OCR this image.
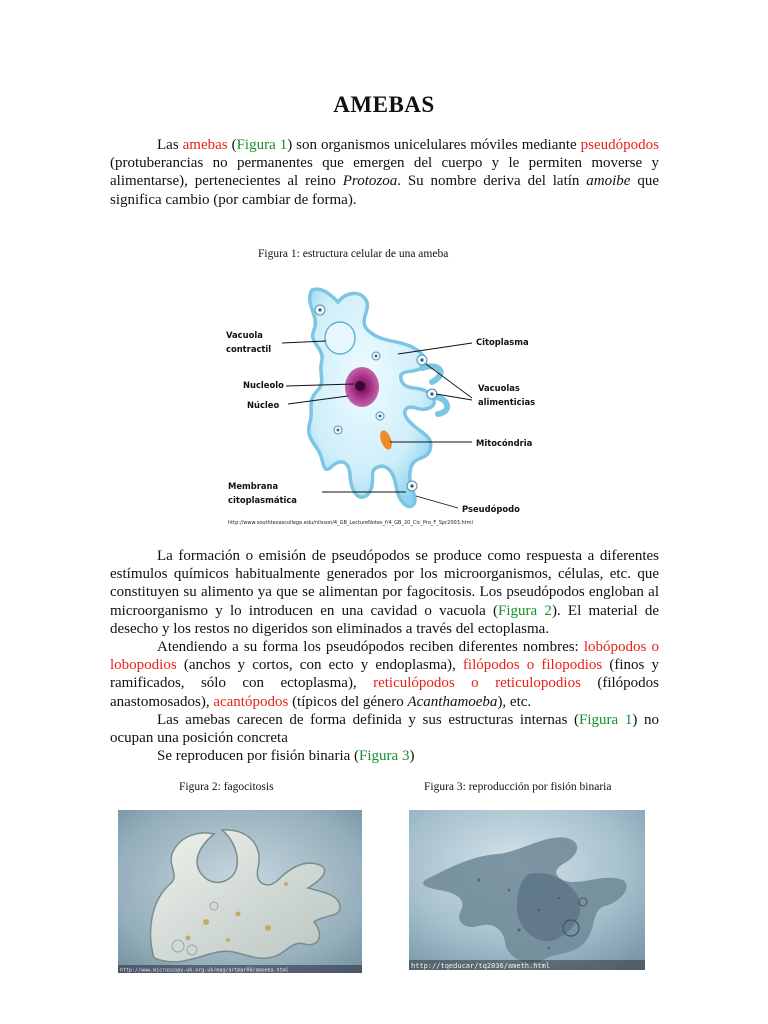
AMEBAS

Las amebas (Figura 1) son organismos unicelulares móviles mediante pseudópodos (protuberancias no permanentes que emergen del cuerpo y le permiten moverse y alimentarse), pertenecientes al reino Protozoa. Su nombre deriva del latín amoibe que significa cambio (por cambiar de forma).

Figura 1: estructura celular de una ameba

Vacuola
contractil
Citoplasma
Nucleolo
Núcleo
Vacuolas
alimenticias
Mitocóndria
Membrana
citoplasmática
Pseudópodo
http://www.southtexascollege.edu/nilsson/4_GB_LectureNotes_f/4_GB_20_Cic_Pro_F_Spr2003.html

La formación o emisión de pseudópodos se produce como respuesta a diferentes estímulos químicos habitualmente generados por los microorganismos, células, etc. que constituyen su alimento ya que se alimentan por fagocitosis. Los pseudópodos engloban al microorganismo y lo introducen en una cavidad o vacuola (Figura 2). El material de desecho y los restos no digeridos son eliminados a través del ectoplasma.

Atendiendo a su forma los pseudópodos reciben diferentes nombres: lobópodos o lobopodios (anchos y cortos, con ecto y endoplasma), filópodos o filopodios (finos y ramificados, sólo con ectoplasma), reticulópodos o reticulopodios (filópodos anastomosados), acantópodos (típicos del género Acanthamoeba), etc.

Las amebas carecen de forma definida y sus estructuras internas (Figura 1) no ocupan una posición concreta

Se reproducen por fisión binaria (Figura 3)

Figura 2: fagocitosis	Figura 3: reproducción por fisión binaria

http://www.microscopy-uk.org.uk/mag/artmar00/amoeba.html
http://tqeducar/tq2036/ameth.html
